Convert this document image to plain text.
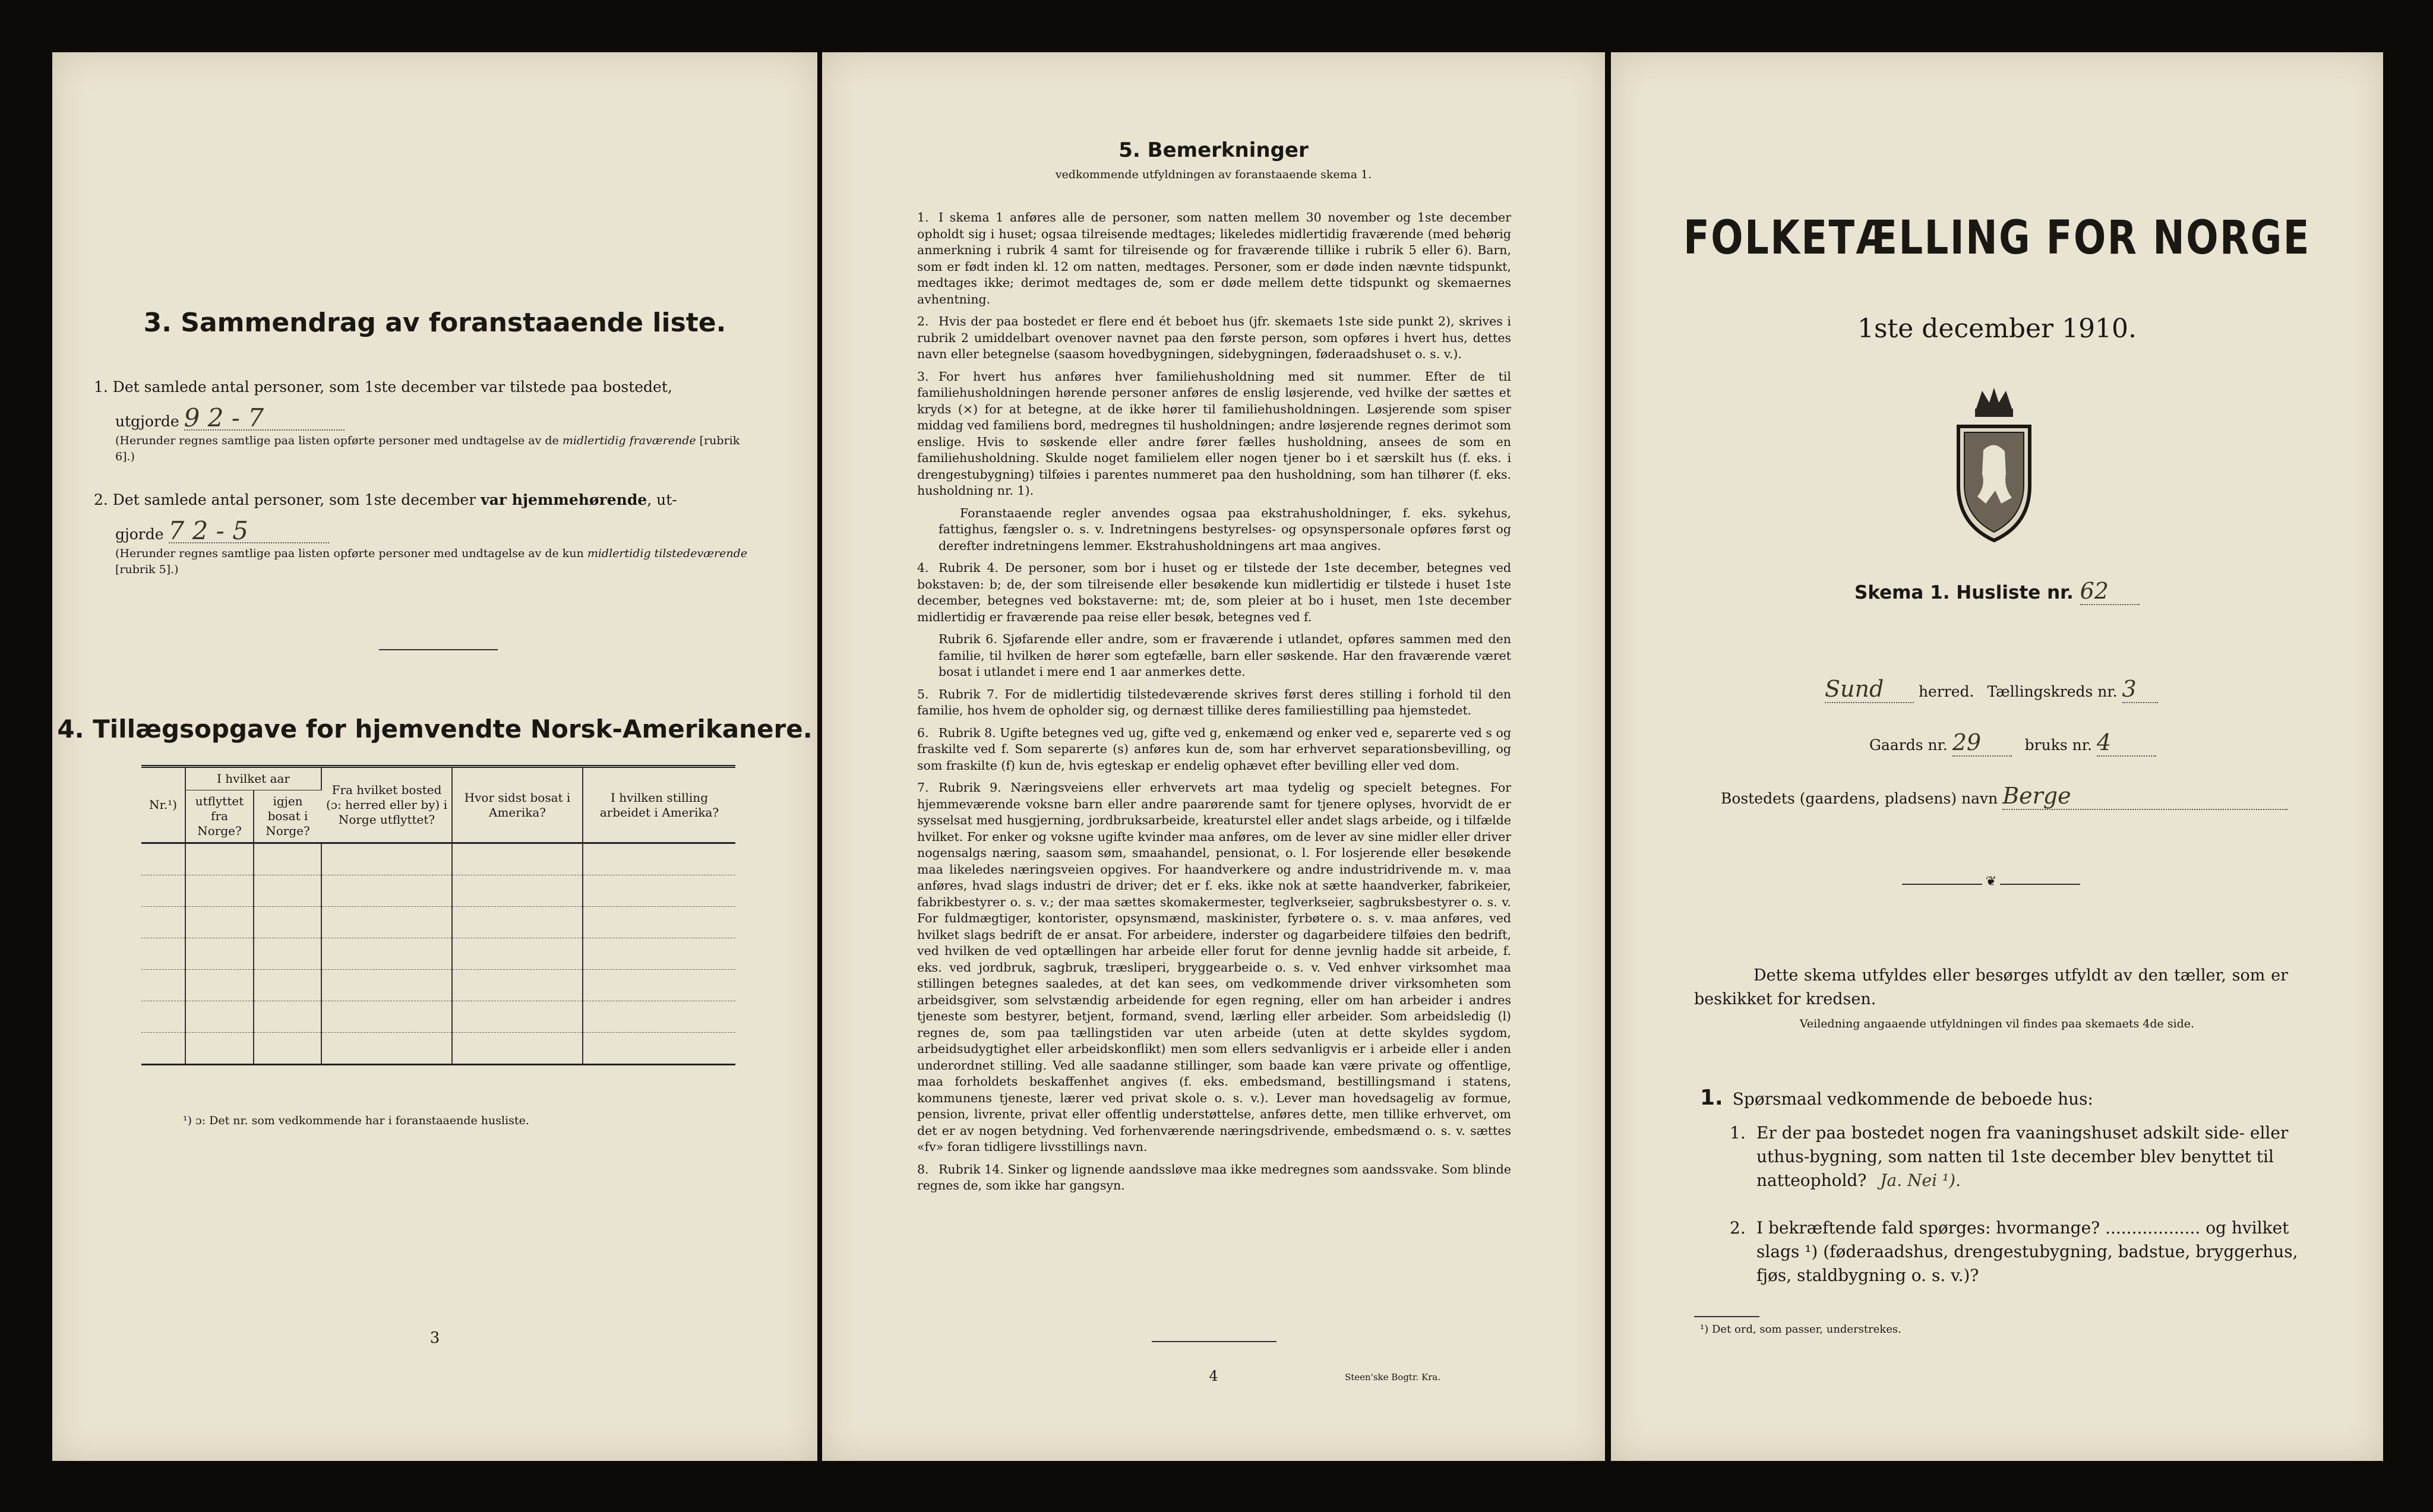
3. Sammendrag av foranstaaende liste.
1. Det samlede antal personer, som 1ste december var tilstede paa bostedet,
utgjorde 9 2 - 7
(Herunder regnes samtlige paa listen opførte personer med undtagelse av de midlertidig fraværende [rubrik 6].)
2. Det samlede antal personer, som 1ste december var hjemmehørende, ut-
gjorde 7 2 - 5
(Herunder regnes samtlige paa listen opførte personer med undtagelse av de kun midlertidig tilstedeværende [rubrik 5].)
4. Tillægsopgave for hjemvendte Norsk-Amerikanere.
Nr.¹)	I hvilket aar		Fra hvilket bosted (ɔ: herred eller by) i Norge utflyttet?	Hvor sidst bosat i Amerika?	I hvilken stilling arbeidet i Amerika?
	utflyttet fra Norge?	igjen bosat i Norge?			

¹) ɔ: Det nr. som vedkommende har i foranstaaende husliste.
3
5. Bemerkninger
vedkommende utfyldningen av foranstaaende skema 1.

1. I skema 1 anføres alle de personer, som natten mellem 30 november og 1ste december opholdt sig i huset; ogsaa tilreisende medtages; likeledes midlertidig fraværende (med behørig anmerkning i rubrik 4 samt for tilreisende og for fraværende tillike i rubrik 5 eller 6). Barn, som er født inden kl. 12 om natten, medtages. Personer, som er døde inden nævnte tidspunkt, medtages ikke; derimot medtages de, som er døde mellem dette tidspunkt og skemaernes avhentning.

2. Hvis der paa bostedet er flere end ét beboet hus (jfr. skemaets 1ste side punkt 2), skrives i rubrik 2 umiddelbart ovenover navnet paa den første person, som opføres i hvert hus, dettes navn eller betegnelse (saasom hovedbygningen, sidebygningen, føderaadshuset o. s. v.).

3. For hvert hus anføres hver familiehusholdning med sit nummer. Efter de til familiehusholdningen hørende personer anføres de enslig løsjerende, ved hvilke der sættes et kryds (×) for at betegne, at de ikke hører til familiehusholdningen. Løsjerende som spiser middag ved familiens bord, medregnes til husholdningen; andre løsjerende regnes derimot som enslige. Hvis to søskende eller andre fører fælles husholdning, ansees de som en familiehusholdning. Skulde noget familielem eller nogen tjener bo i et særskilt hus (f. eks. i drengestubygning) tilføies i parentes nummeret paa den husholdning, som han tilhører (f. eks. husholdning nr. 1).

Foranstaaende regler anvendes ogsaa paa ekstrahusholdninger, f. eks. sykehus, fattighus, fængsler o. s. v. Indretningens bestyrelses- og opsynspersonale opføres først og derefter indretningens lemmer. Ekstrahusholdningens art maa angives.

4. Rubrik 4. De personer, som bor i huset og er tilstede der 1ste december, betegnes ved bokstaven: b; de, der som tilreisende eller besøkende kun midlertidig er tilstede i huset 1ste december, betegnes ved bokstaverne: mt; de, som pleier at bo i huset, men 1ste december midlertidig er fraværende paa reise eller besøk, betegnes ved f.

Rubrik 6. Sjøfarende eller andre, som er fraværende i utlandet, opføres sammen med den familie, til hvilken de hører som egtefælle, barn eller søskende. Har den fraværende været bosat i utlandet i mere end 1 aar anmerkes dette.

5. Rubrik 7. For de midlertidig tilstedeværende skrives først deres stilling i forhold til den familie, hos hvem de opholder sig, og dernæst tillike deres familiestilling paa hjemstedet.

6. Rubrik 8. Ugifte betegnes ved ug, gifte ved g, enkemænd og enker ved e, separerte ved s og fraskilte ved f. Som separerte (s) anføres kun de, som har erhvervet separationsbevilling, og som fraskilte (f) kun de, hvis egteskap er endelig ophævet efter bevilling eller ved dom.

7. Rubrik 9. Næringsveiens eller erhvervets art maa tydelig og specielt betegnes. For hjemmeværende voksne barn eller andre paarørende samt for tjenere oplyses, hvorvidt de er sysselsat med husgjerning, jordbruksarbeide, kreaturstel eller andet slags arbeide, og i tilfælde hvilket. For enker og voksne ugifte kvinder maa anføres, om de lever av sine midler eller driver nogensalgs næring, saasom søm, smaahandel, pensionat, o. l. For losjerende eller besøkende maa likeledes næringsveien opgives. For haandverkere og andre industridrivende m. v. maa anføres, hvad slags industri de driver; det er f. eks. ikke nok at sætte haandverker, fabrikeier, fabrikbestyrer o. s. v.; der maa sættes skomakermester, teglverkseier, sagbruksbestyrer o. s. v. For fuldmægtiger, kontorister, opsynsmænd, maskinister, fyrbøtere o. s. v. maa anføres, ved hvilket slags bedrift de er ansat. For arbeidere, inderster og dagarbeidere tilføies den bedrift, ved hvilken de ved optællingen har arbeide eller forut for denne jevnlig hadde sit arbeide, f. eks. ved jordbruk, sagbruk, træsliperi, bryggearbeide o. s. v. Ved enhver virksomhet maa stillingen betegnes saaledes, at det kan sees, om vedkommende driver virksomheten som arbeidsgiver, som selvstændig arbeidende for egen regning, eller om han arbeider i andres tjeneste som bestyrer, betjent, formand, svend, lærling eller arbeider. Som arbeidsledig (l) regnes de, som paa tællingstiden var uten arbeide (uten at dette skyldes sygdom, arbeidsudygtighet eller arbeidskonflikt) men som ellers sedvanligvis er i arbeide eller i anden underordnet stilling. Ved alle saadanne stillinger, som baade kan være private og offentlige, maa forholdets beskaffenhet angives (f. eks. embedsmand, bestillingsmand i statens, kommunens tjeneste, lærer ved privat skole o. s. v.). Lever man hovedsagelig av formue, pension, livrente, privat eller offentlig understøttelse, anføres dette, men tillike erhvervet, om det er av nogen betydning. Ved forhenværende næringsdrivende, embedsmænd o. s. v. sættes «fv» foran tidligere livsstillings navn.

8. Rubrik 14. Sinker og lignende aandssløve maa ikke medregnes som aandssvake. Som blinde regnes de, som ikke har gangsyn.

4	Steen'ske Bogtr. Kra.
FOLKETÆLLING FOR NORGE
1ste december 1910.
Skema 1. Husliste nr. 62
Sund herred. Tællingskreds nr. 3
Gaards nr. 29	bruks nr. 4
Bostedets (gaardens, pladsens) navn Berge
❦
Dette skema utfyldes eller besørges utfyldt av den tæller, som er beskikket for kredsen.
Veiledning angaaende utfyldningen vil findes paa skemaets 4de side.
1. Spørsmaal vedkommende de beboede hus:
1. Er der paa bostedet nogen fra vaaningshuset adskilt side- eller uthus-bygning, som natten til 1ste december blev benyttet til natteophold? Ja. Nei ¹).
2. I bekræftende fald spørges: hvormange? .................. og hvilket slags ¹) (føderaadshus, drengestubygning, badstue, bryggerhus, fjøs, staldbygning o. s. v.)?
¹) Det ord, som passer, understrekes.
